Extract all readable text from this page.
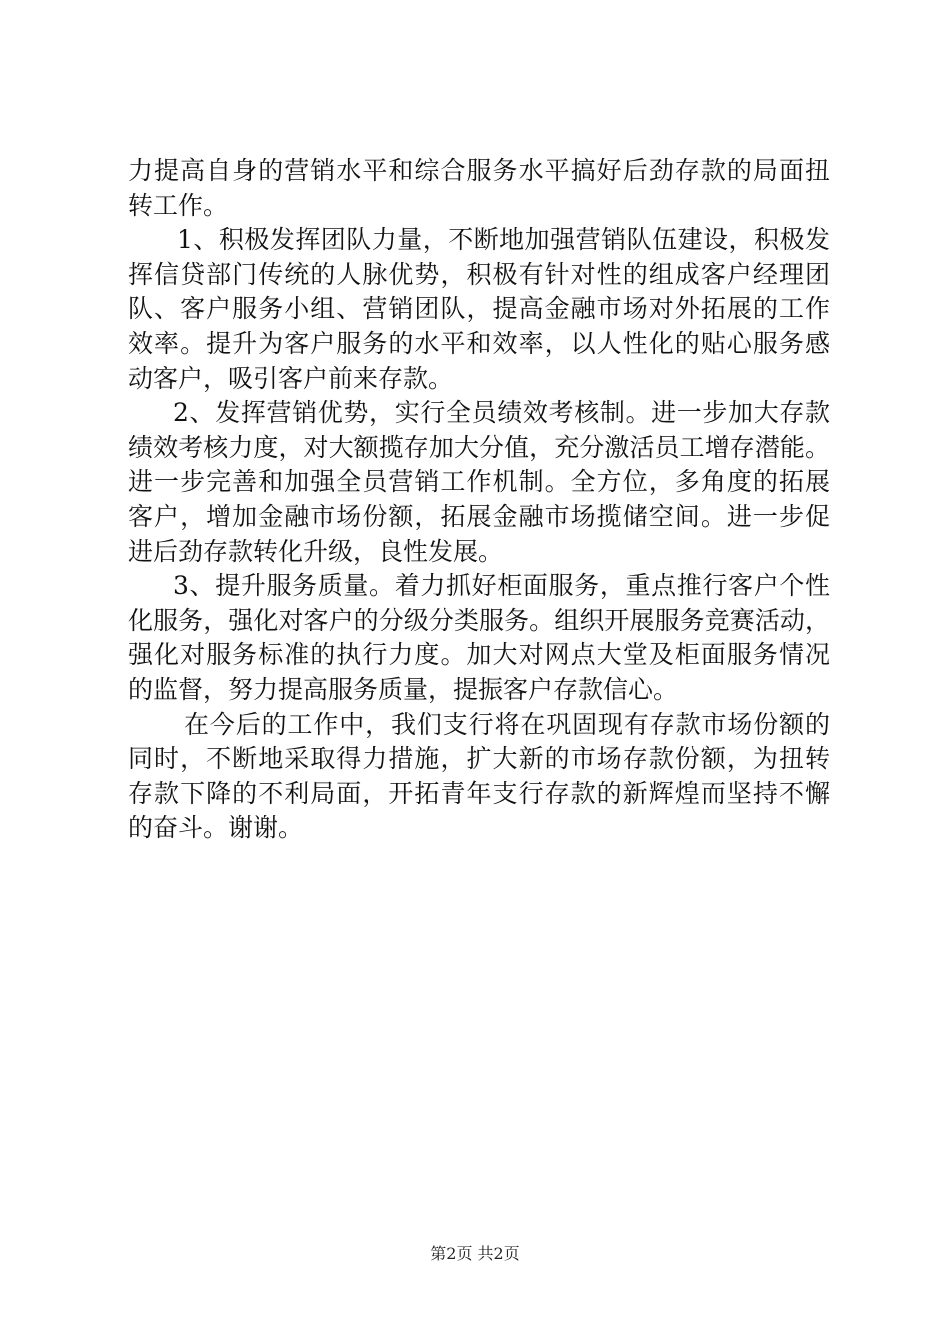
力提高自身的营销水平和综合服务水平搞好后劲存款的局面扭
转工作。
1、积极发挥团队力量，不断地加强营销队伍建设，积极发
挥信贷部门传统的人脉优势，积极有针对性的组成客户经理团
队、客户服务小组、营销团队，提高金融市场对外拓展的工作
效率。提升为客户服务的水平和效率，以人性化的贴心服务感
动客户，吸引客户前来存款。
2、发挥营销优势，实行全员绩效考核制。进一步加大存款
绩效考核力度，对大额揽存加大分值，充分激活员工增存潜能。
进一步完善和加强全员营销工作机制。全方位，多角度的拓展
客户，增加金融市场份额，拓展金融市场揽储空间。进一步促
进后劲存款转化升级，良性发展。
3、提升服务质量。着力抓好柜面服务，重点推行客户个性
化服务，强化对客户的分级分类服务。组织开展服务竞赛活动，
强化对服务标准的执行力度。加大对网点大堂及柜面服务情况
的监督，努力提高服务质量，提振客户存款信心。
在今后的工作中，我们支行将在巩固现有存款市场份额的
同时，不断地采取得力措施，扩大新的市场存款份额，为扭转
存款下降的不利局面，开拓青年支行存款的新辉煌而坚持不懈
的奋斗。谢谢。
第2页 共2页
